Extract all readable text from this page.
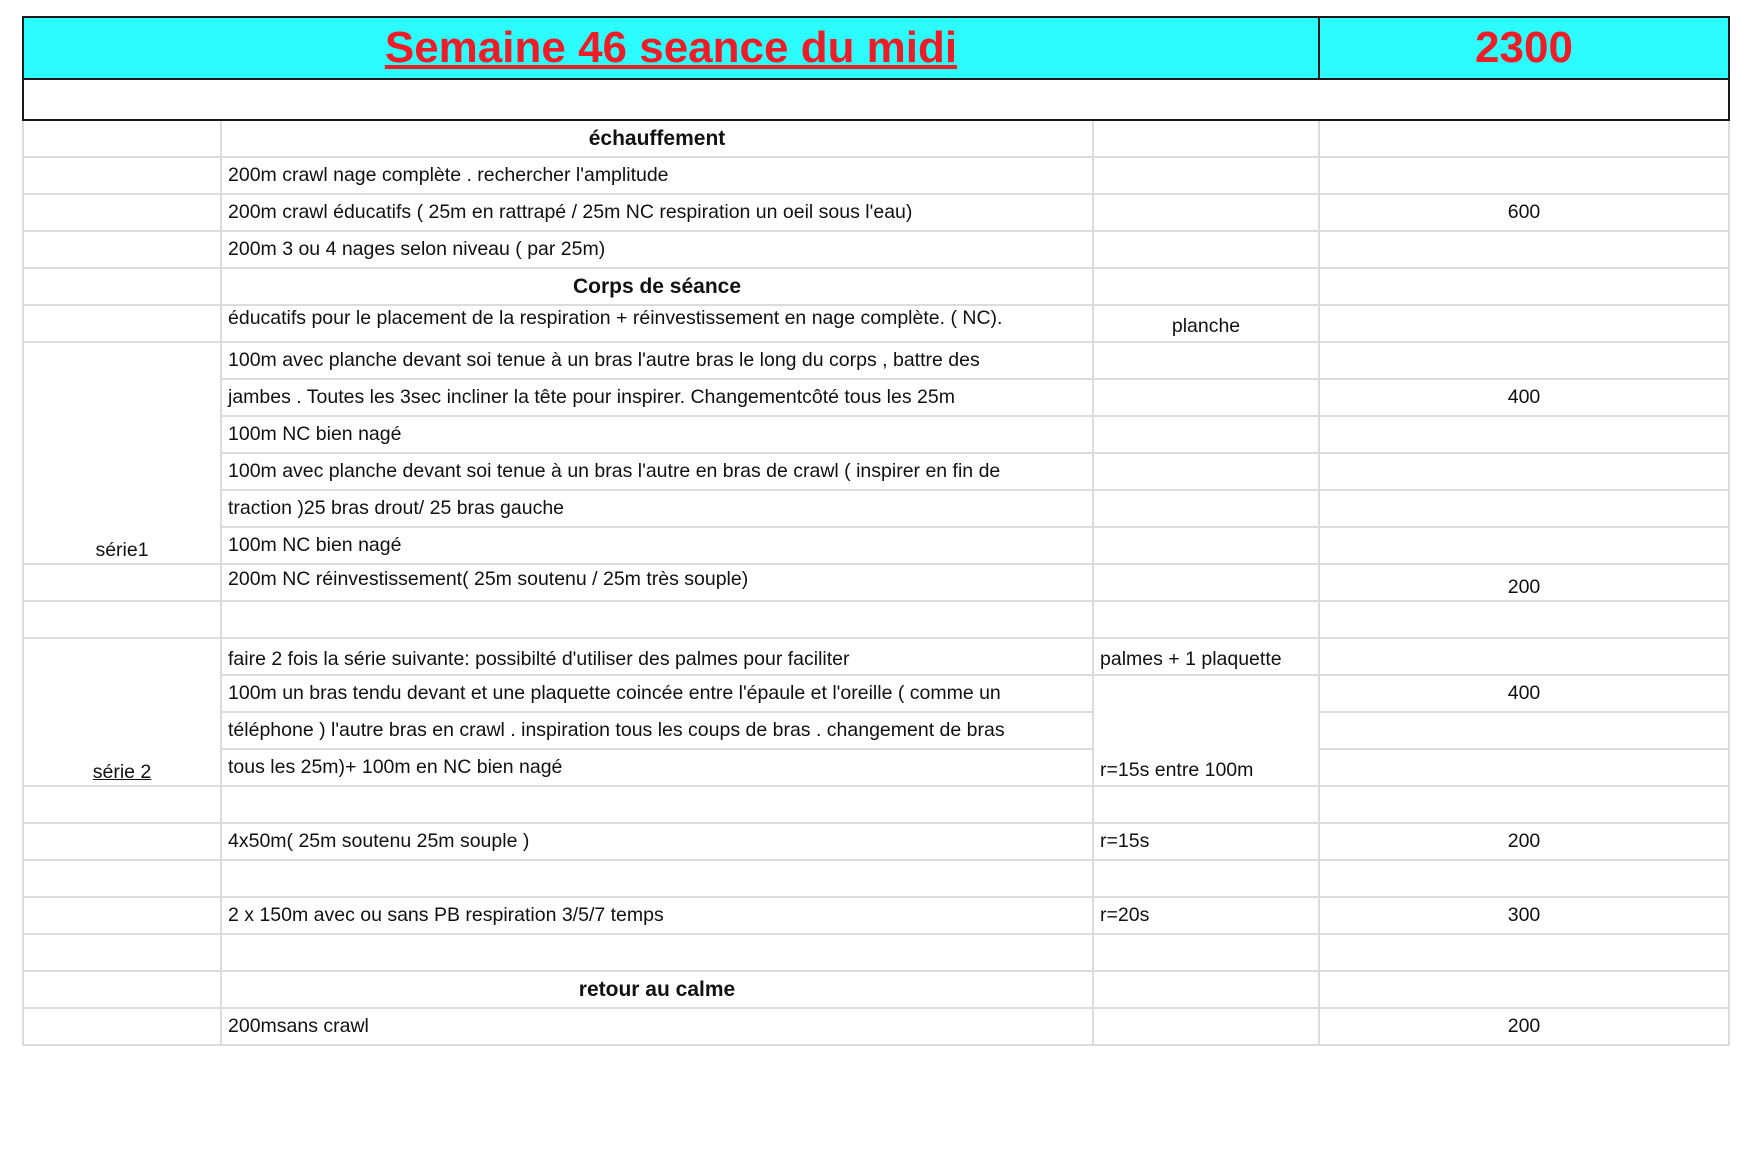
Semaine 46 seance du midi			2300

	échauffement		
	200m crawl nage complète . rechercher l'amplitude		
	200m crawl éducatifs ( 25m en rattrapé / 25m NC respiration un oeil sous l'eau)		600
	200m 3 ou 4 nages selon niveau ( par 25m)		
	Corps de séance		
	éducatifs pour le placement de la respiration + réinvestissement en nage complète. ( NC).	planche	
série1	100m avec planche devant soi tenue à un bras l'autre bras le long du corps , battre des		
	jambes . Toutes les 3sec incliner la tête pour inspirer. Changementcôté tous les 25m		400
	100m NC bien nagé		
	100m avec planche devant soi tenue à un bras l'autre en bras de crawl ( inspirer en fin de		
	traction )25 bras drout/ 25 bras gauche		
	100m NC bien nagé		
	200m NC réinvestissement( 25m soutenu / 25m très souple)		200

série 2	faire 2 fois la série suivante: possibilté d'utiliser des palmes pour faciliter	palmes + 1 plaquette	
	100m un bras tendu devant et une plaquette coincée entre l'épaule et l'oreille ( comme un	r=15s entre 100m	400
	téléphone ) l'autre bras en crawl . inspiration tous les coups de bras . changement de bras		
	tous les 25m)+ 100m en NC bien nagé		

	4x50m( 25m soutenu 25m souple )	r=15s	200

	2 x 150m avec ou sans PB respiration 3/5/7 temps	r=20s	300

	retour au calme		
	200msans crawl		200
